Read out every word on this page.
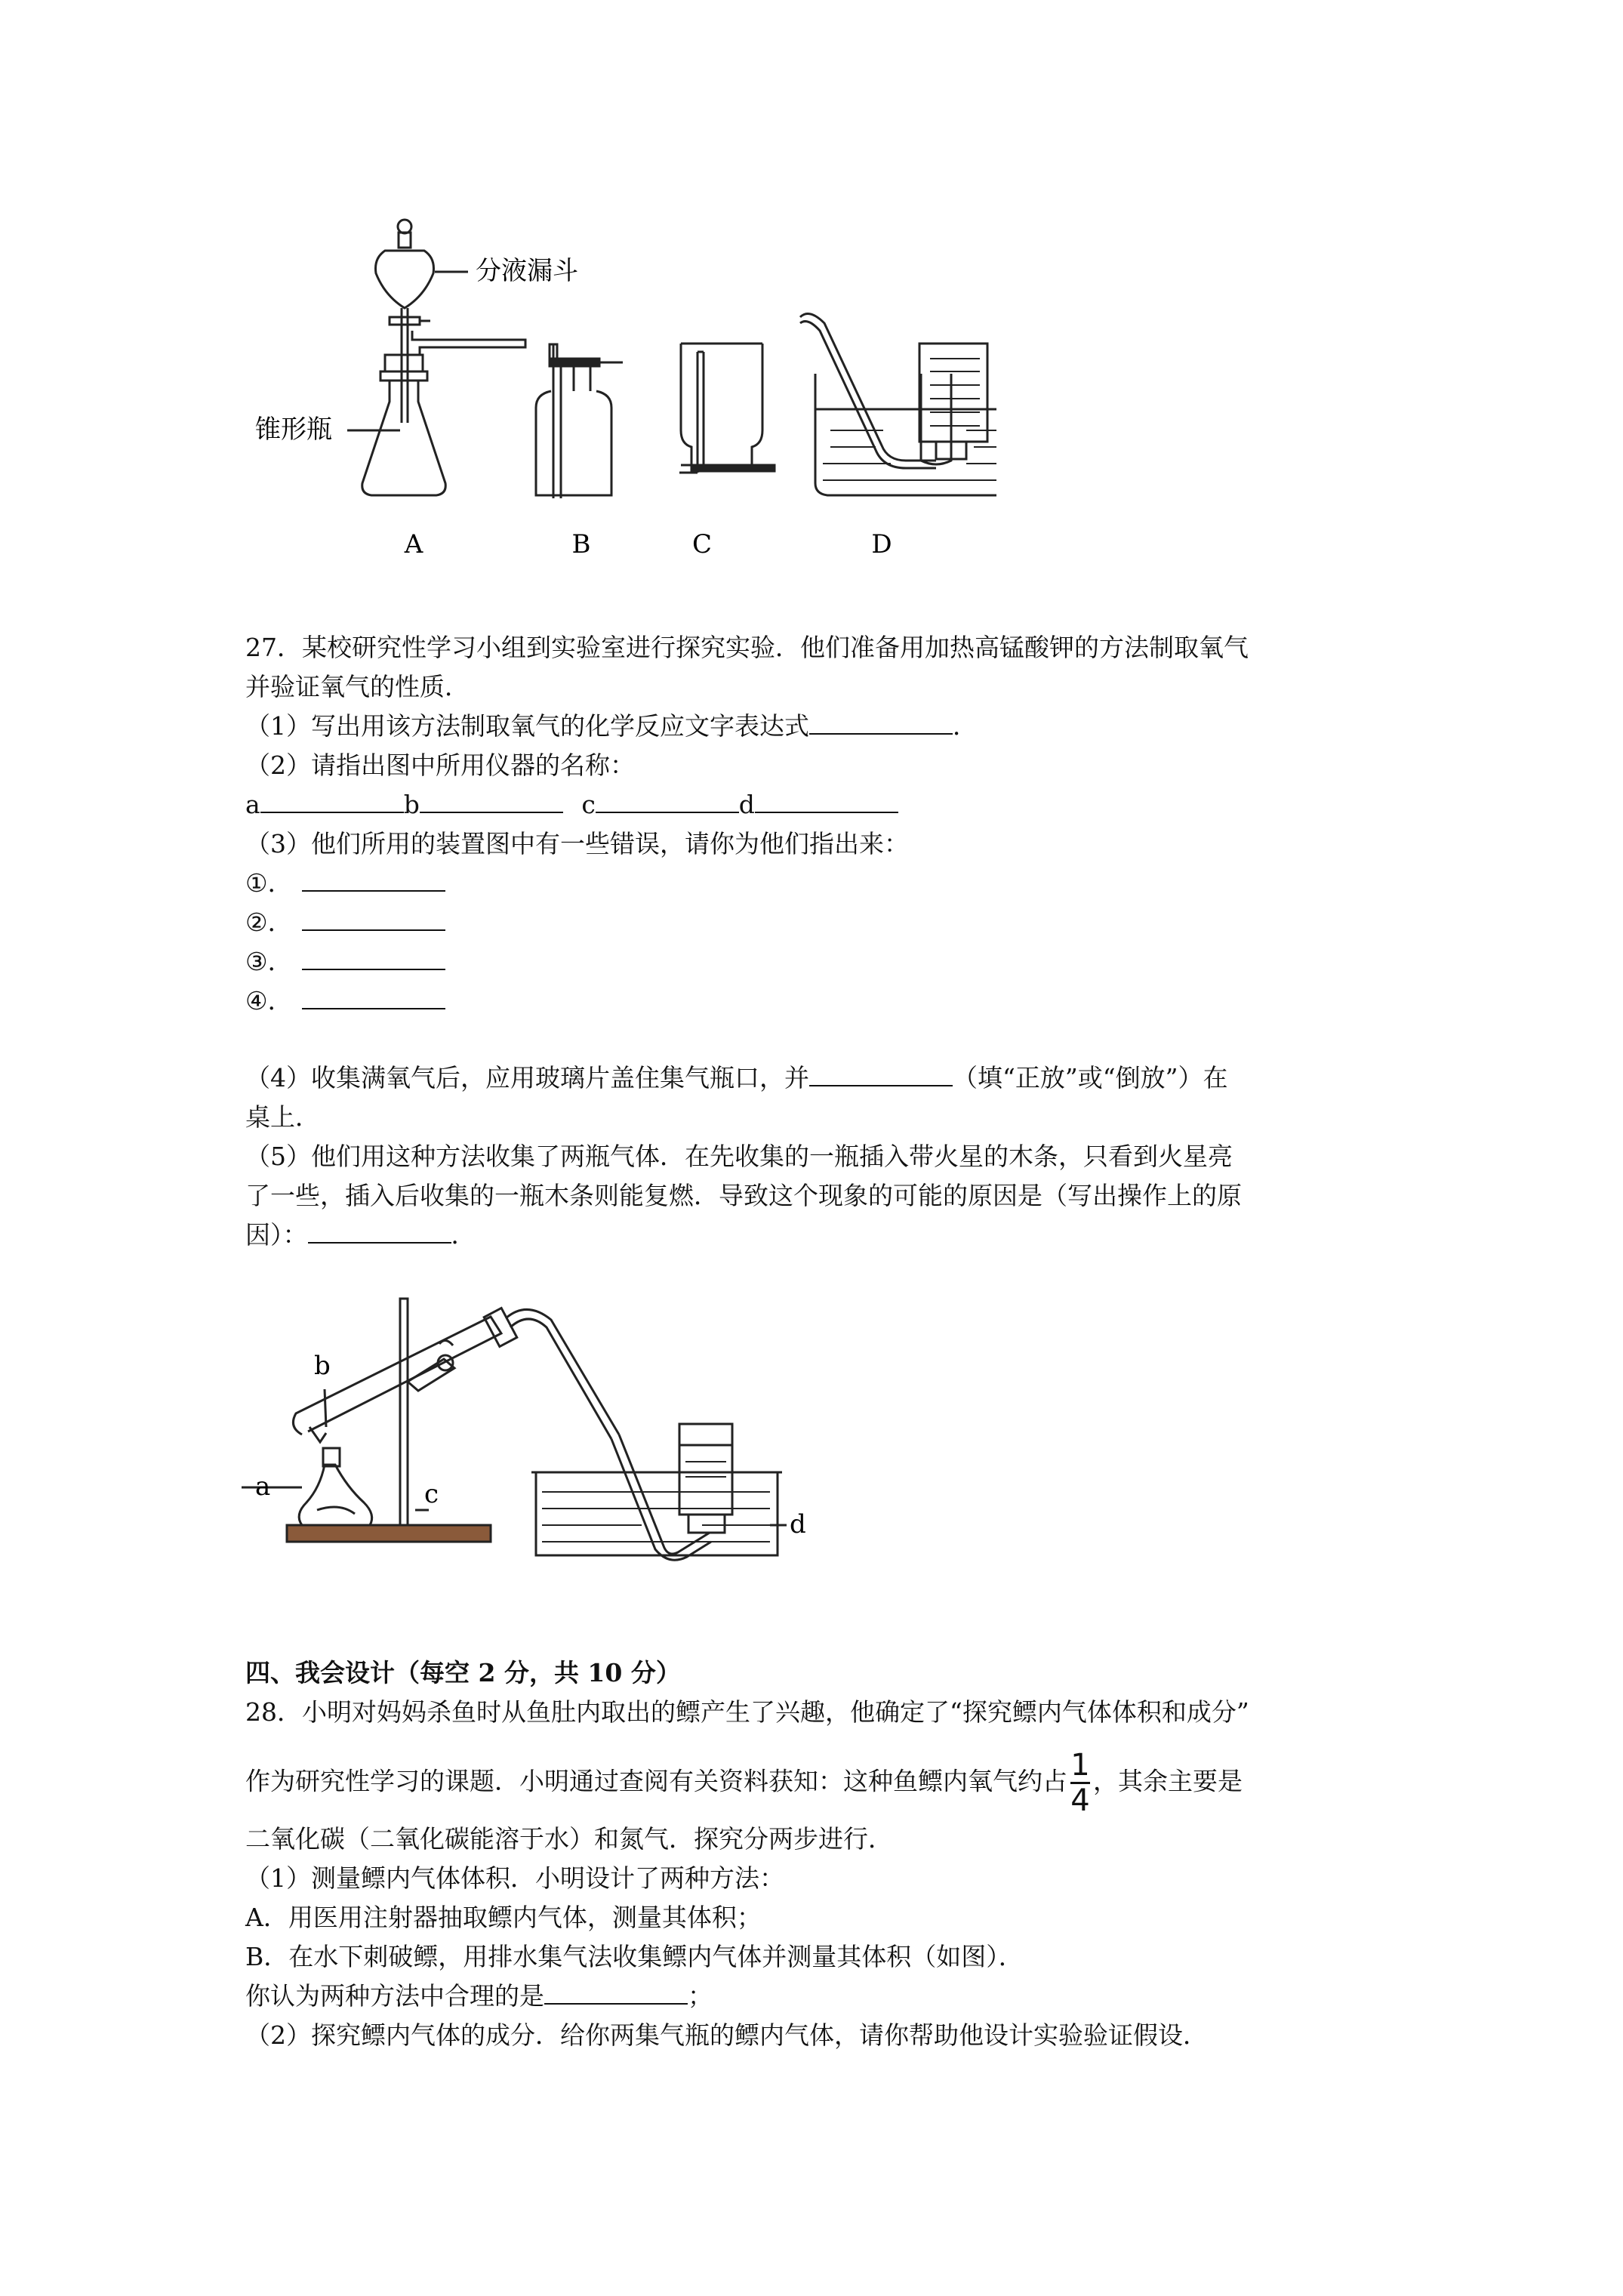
分液漏斗
锥形瓶
A	B	C	D
27．某校研究性学习小组到实验室进行探究实验．他们准备用加热高锰酸钾的方法制取氧气
并验证氧气的性质．
（1）写出用该方法制取氧气的化学反应文字表达式	．
（2）请指出图中所用仪器的名称：
a	b	c	d
（3）他们所用的装置图中有一些错误，请你为他们指出来：
①．
②．
③．
④．
（4）收集满氧气后，应用玻璃片盖住集气瓶口，并	（填“正放”或“倒放”）在
桌上．
（5）他们用这种方法收集了两瓶气体．在先收集的一瓶插入带火星的木条，只看到火星亮
了一些，插入后收集的一瓶木条则能复燃．导致这个现象的可能的原因是（写出操作上的原
因）：	．
b
a	c
d
四、我会设计（每空 2 分，共 10 分）
28．小明对妈妈杀鱼时从鱼肚内取出的鳔产生了兴趣，他确定了“探究鳔内气体体积和成分”
作为研究性学习的课题．小明通过查阅有关资料获知：这种鱼鳔内氧气约占 $\frac{1}{4}$ ，其余主要是
二氧化碳（二氧化碳能溶于水）和氮气．探究分两步进行．
（1）测量鳔内气体体积．小明设计了两种方法：
A．用医用注射器抽取鳔内气体，测量其体积；
B．在水下刺破鳔，用排水集气法收集鳔内气体并测量其体积（如图）．
你认为两种方法中合理的是	；
（2）探究鳔内气体的成分．给你两集气瓶的鳔内气体，请你帮助他设计实验验证假设．
